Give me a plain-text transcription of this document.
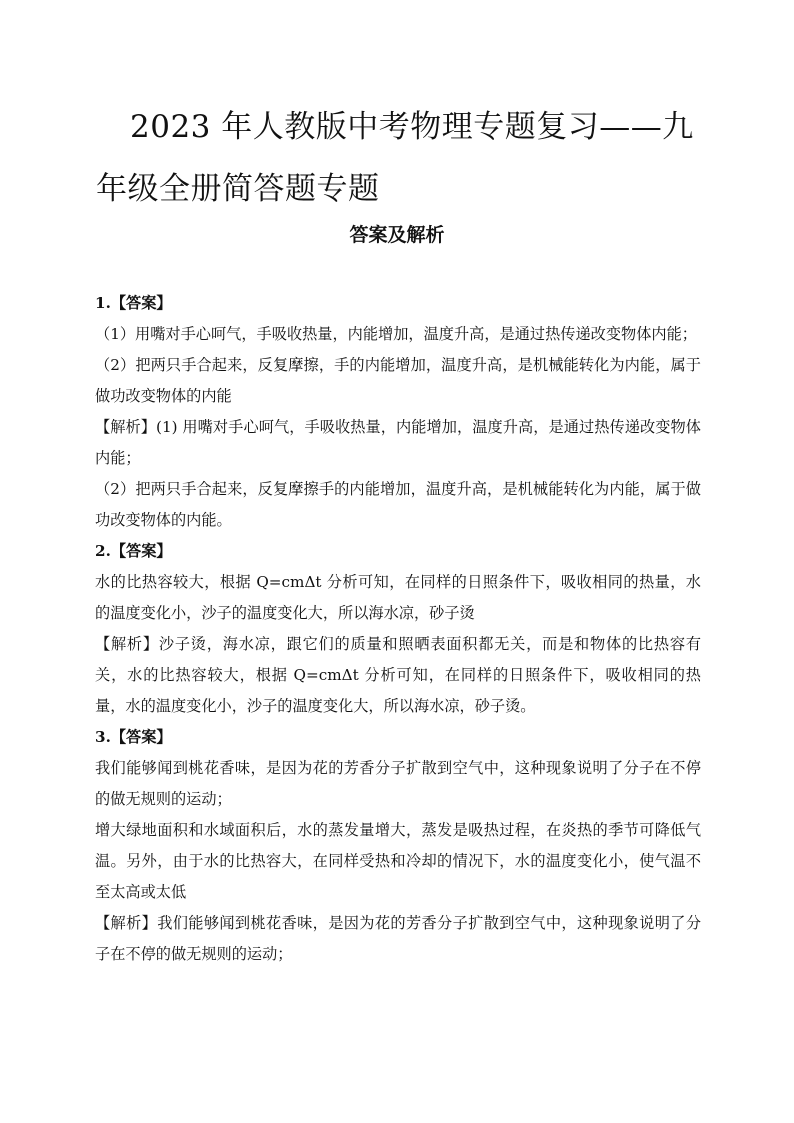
2023 年人教版中考物理专题复习——九
年级全册简答题专题
答案及解析

1.【答案】

（1）用嘴对手心呵气，手吸收热量，内能增加，温度升高，是通过热传递改变物体内能；

（2）把两只手合起来，反复摩擦，手的内能增加，温度升高，是机械能转化为内能，属于做功改变物体的内能

【解析】(1) 用嘴对手心呵气，手吸收热量，内能增加，温度升高，是通过热传递改变物体内能；

（2）把两只手合起来，反复摩擦手的内能增加，温度升高，是机械能转化为内能，属于做功改变物体的内能。

2.【答案】

水的比热容较大，根据 Q=cmΔt 分析可知，在同样的日照条件下，吸收相同的热量，水的温度变化小，沙子的温度变化大，所以海水凉，砂子烫

【解析】沙子烫，海水凉，跟它们的质量和照晒表面积都无关，而是和物体的比热容有关，水的比热容较大，根据 Q=cmΔt 分析可知，在同样的日照条件下，吸收相同的热量，水的温度变化小，沙子的温度变化大，所以海水凉，砂子烫。

3.【答案】

我们能够闻到桃花香味，是因为花的芳香分子扩散到空气中，这种现象说明了分子在不停的做无规则的运动；

增大绿地面积和水域面积后，水的蒸发量增大，蒸发是吸热过程，在炎热的季节可降低气温。另外，由于水的比热容大，在同样受热和冷却的情况下，水的温度变化小，使气温不至太高或太低

【解析】我们能够闻到桃花香味，是因为花的芳香分子扩散到空气中，这种现象说明了分子在不停的做无规则的运动；
